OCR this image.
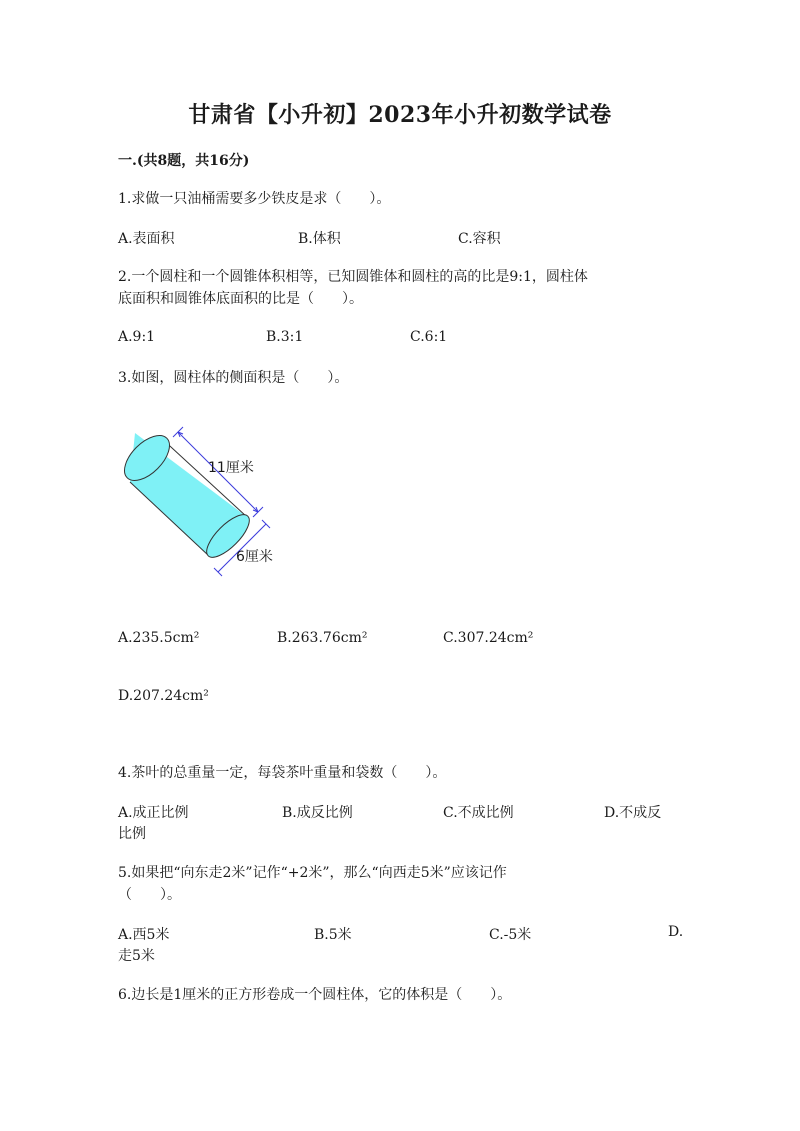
甘肃省【小升初】2023年小升初数学试卷
一.(共8题，共16分)
1.求做一只油桶需要多少铁皮是求（　　）。
A.表面积	B.体积	C.容积
2.一个圆柱和一个圆锥体积相等，已知圆锥体和圆柱的高的比是9:1，圆柱体
底面积和圆锥体底面积的比是（　　）。
A.9:1	B.3:1	C.6:1
3.如图，圆柱体的侧面积是（　　）。
11厘米
6厘米
A.235.5cm²	B.263.76cm²	C.307.24cm²
D.207.24cm²
4.茶叶的总重量一定，每袋茶叶重量和袋数（　　）。
A.成正比例	B.成反比例	C.不成比例	D.不成反
比例
5.如果把“向东走2米”记作“+2米”，那么“向西走5米”应该记作
（　　）。
A.西5米	B.5米	C.-5米	D.
走5米
6.边长是1厘米的正方形卷成一个圆柱体，它的体积是（　　）。
